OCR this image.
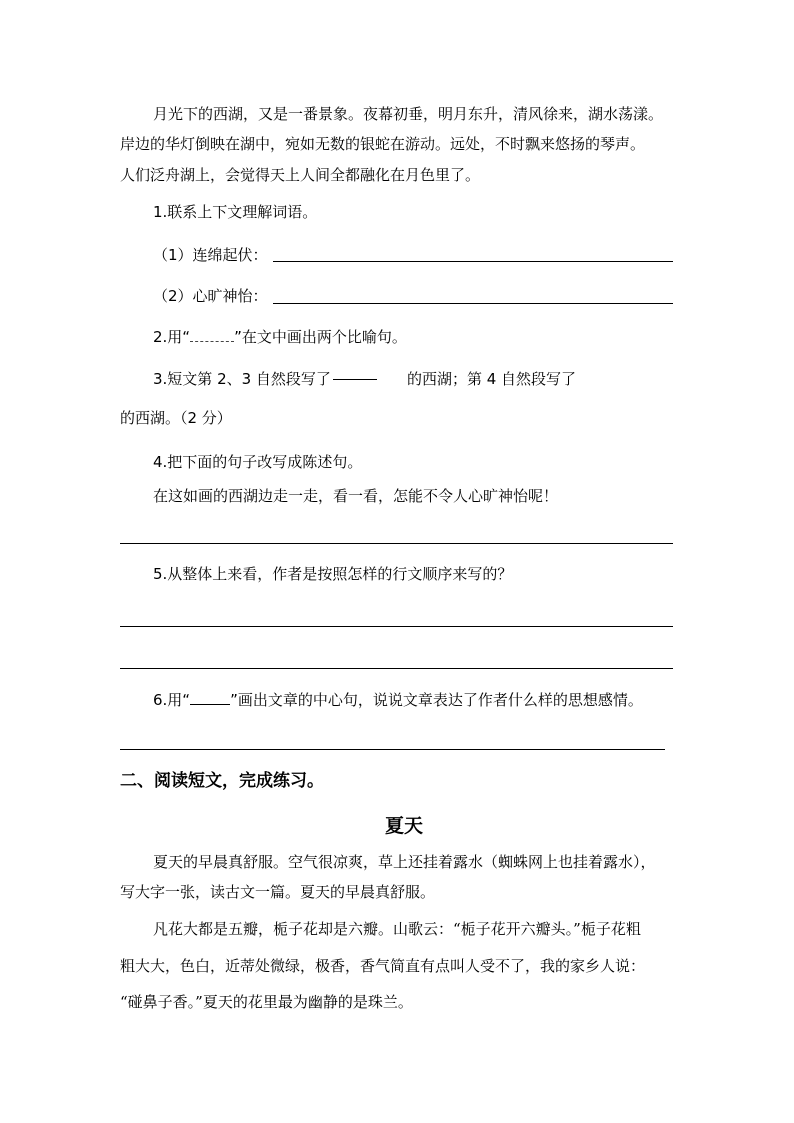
月光下的西湖，又是一番景象。夜幕初垂，明月东升，清风徐来，湖水荡漾。
岸边的华灯倒映在湖中，宛如无数的银蛇在游动。远处，不时飘来悠扬的琴声。
人们泛舟湖上，会觉得天上人间全都融化在月色里了。
1.联系上下文理解词语。
（1）连绵起伏：
（2）心旷神怡：
2.用“	”在文中画出两个比喻句。
3.短文第 2、3 自然段写了	的西湖；第 4 自然段写了
的西湖。（2 分）
4.把下面的句子改写成陈述句。
在这如画的西湖边走一走，看一看，怎能不令人心旷神怡呢！
5.从整体上来看，作者是按照怎样的行文顺序来写的？
6.用“	”画出文章的中心句，说说文章表达了作者什么样的思想感情。
二、阅读短文，完成练习。
夏天
夏天的早晨真舒服。空气很凉爽，草上还挂着露水（蜘蛛网上也挂着露水），
写大字一张，读古文一篇。夏天的早晨真舒服。
凡花大都是五瓣，栀子花却是六瓣。山歌云：“栀子花开六瓣头。”栀子花粗
粗大大，色白，近蒂处微绿，极香，香气简直有点叫人受不了，我的家乡人说：
“碰鼻子香。”夏天的花里最为幽静的是珠兰。
